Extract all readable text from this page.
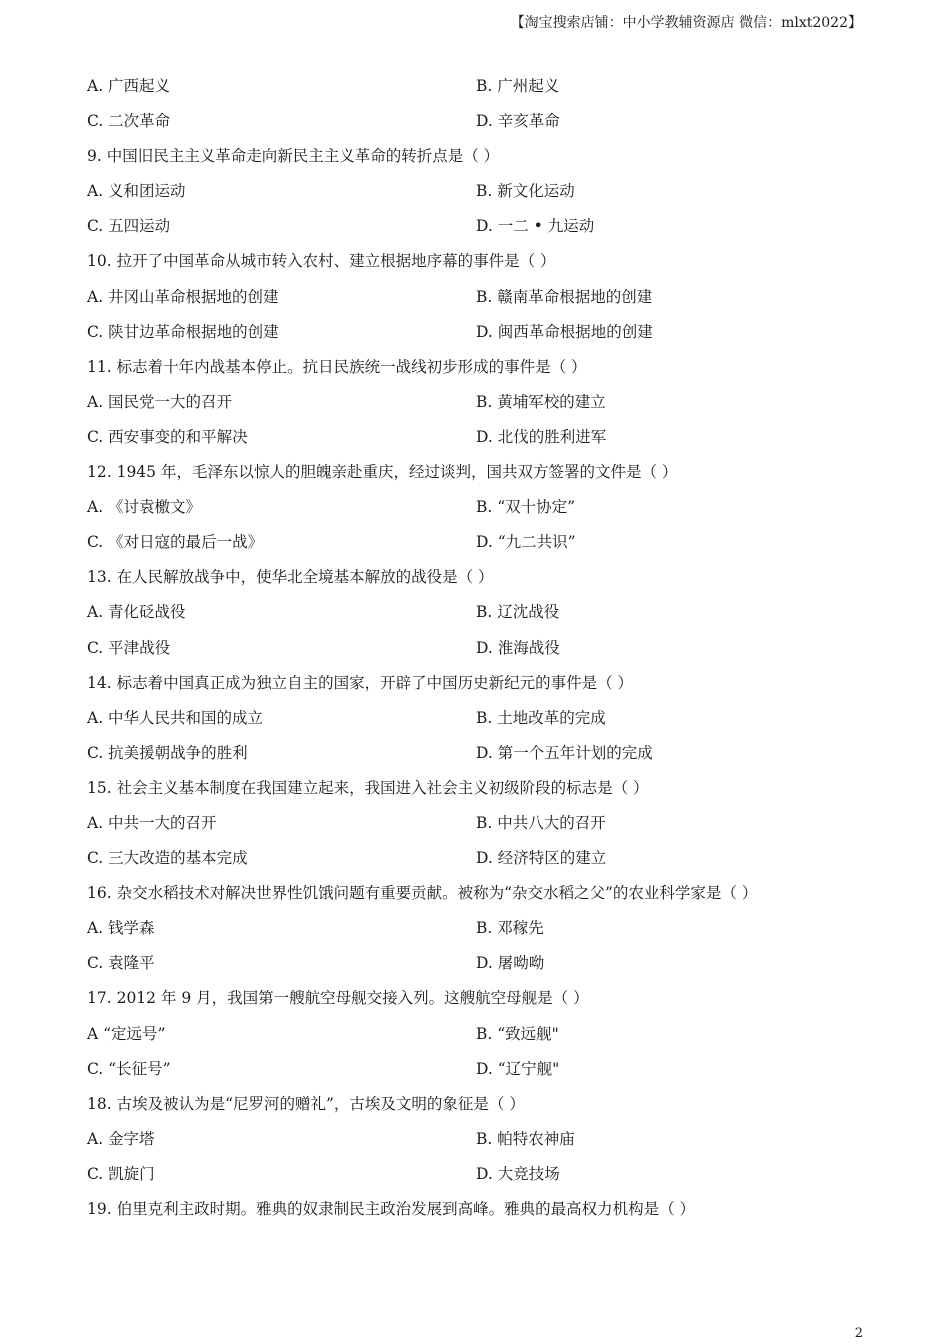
【淘宝搜索店铺：中小学教辅资源店 微信：mlxt2022】
A. 广西起义	B. 广州起义
C. 二次革命	D. 辛亥革命
9. 中国旧民主主义革命走向新民主主义革命的转折点是（ ）
A. 义和团运动	B. 新文化运动
C. 五四运动	D. 一二 • 九运动
10. 拉开了中国革命从城市转入农村、建立根据地序幕的事件是（ ）
A. 井冈山革命根据地的创建	B. 赣南革命根据地的创建
C. 陕甘边革命根据地的创建	D. 闽西革命根据地的创建
11. 标志着十年内战基本停止。抗日民族统一战线初步形成的事件是（ ）
A. 国民党一大的召开	B. 黄埔军校的建立
C. 西安事变的和平解决	D. 北伐的胜利进军
12. 1945 年，毛泽东以惊人的胆魄亲赴重庆，经过谈判，国共双方签署的文件是（ ）
A. 《讨袁檄文》	B. “双十协定”
C. 《对日寇的最后一战》	D. “九二共识”
13. 在人民解放战争中，使华北全境基本解放的战役是（ ）
A. 青化砭战役	B. 辽沈战役
C. 平津战役	D. 淮海战役
14. 标志着中国真正成为独立自主的国家，开辟了中国历史新纪元的事件是（ ）
A. 中华人民共和国的成立	B. 土地改革的完成
C. 抗美援朝战争的胜利	D. 第一个五年计划的完成
15. 社会主义基本制度在我国建立起来，我国进入社会主义初级阶段的标志是（ ）
A. 中共一大的召开	B. 中共八大的召开
C. 三大改造的基本完成	D. 经济特区的建立
16. 杂交水稻技术对解决世界性饥饿问题有重要贡献。被称为“杂交水稻之父”的农业科学家是（ ）
A. 钱学森	B. 邓稼先
C. 袁隆平	D. 屠呦呦
17. 2012 年 9 月，我国第一艘航空母舰交接入列。这艘航空母舰是（ ）
A “定远号”	B. “致远舰"
C. “长征号”	D. “辽宁舰"
18. 古埃及被认为是“尼罗河的赠礼”，古埃及文明的象征是（ ）
A. 金字塔	B. 帕特农神庙
C. 凯旋门	D. 大竞技场
19. 伯里克利主政时期。雅典的奴隶制民主政治发展到高峰。雅典的最高权力机构是（ ）
2
